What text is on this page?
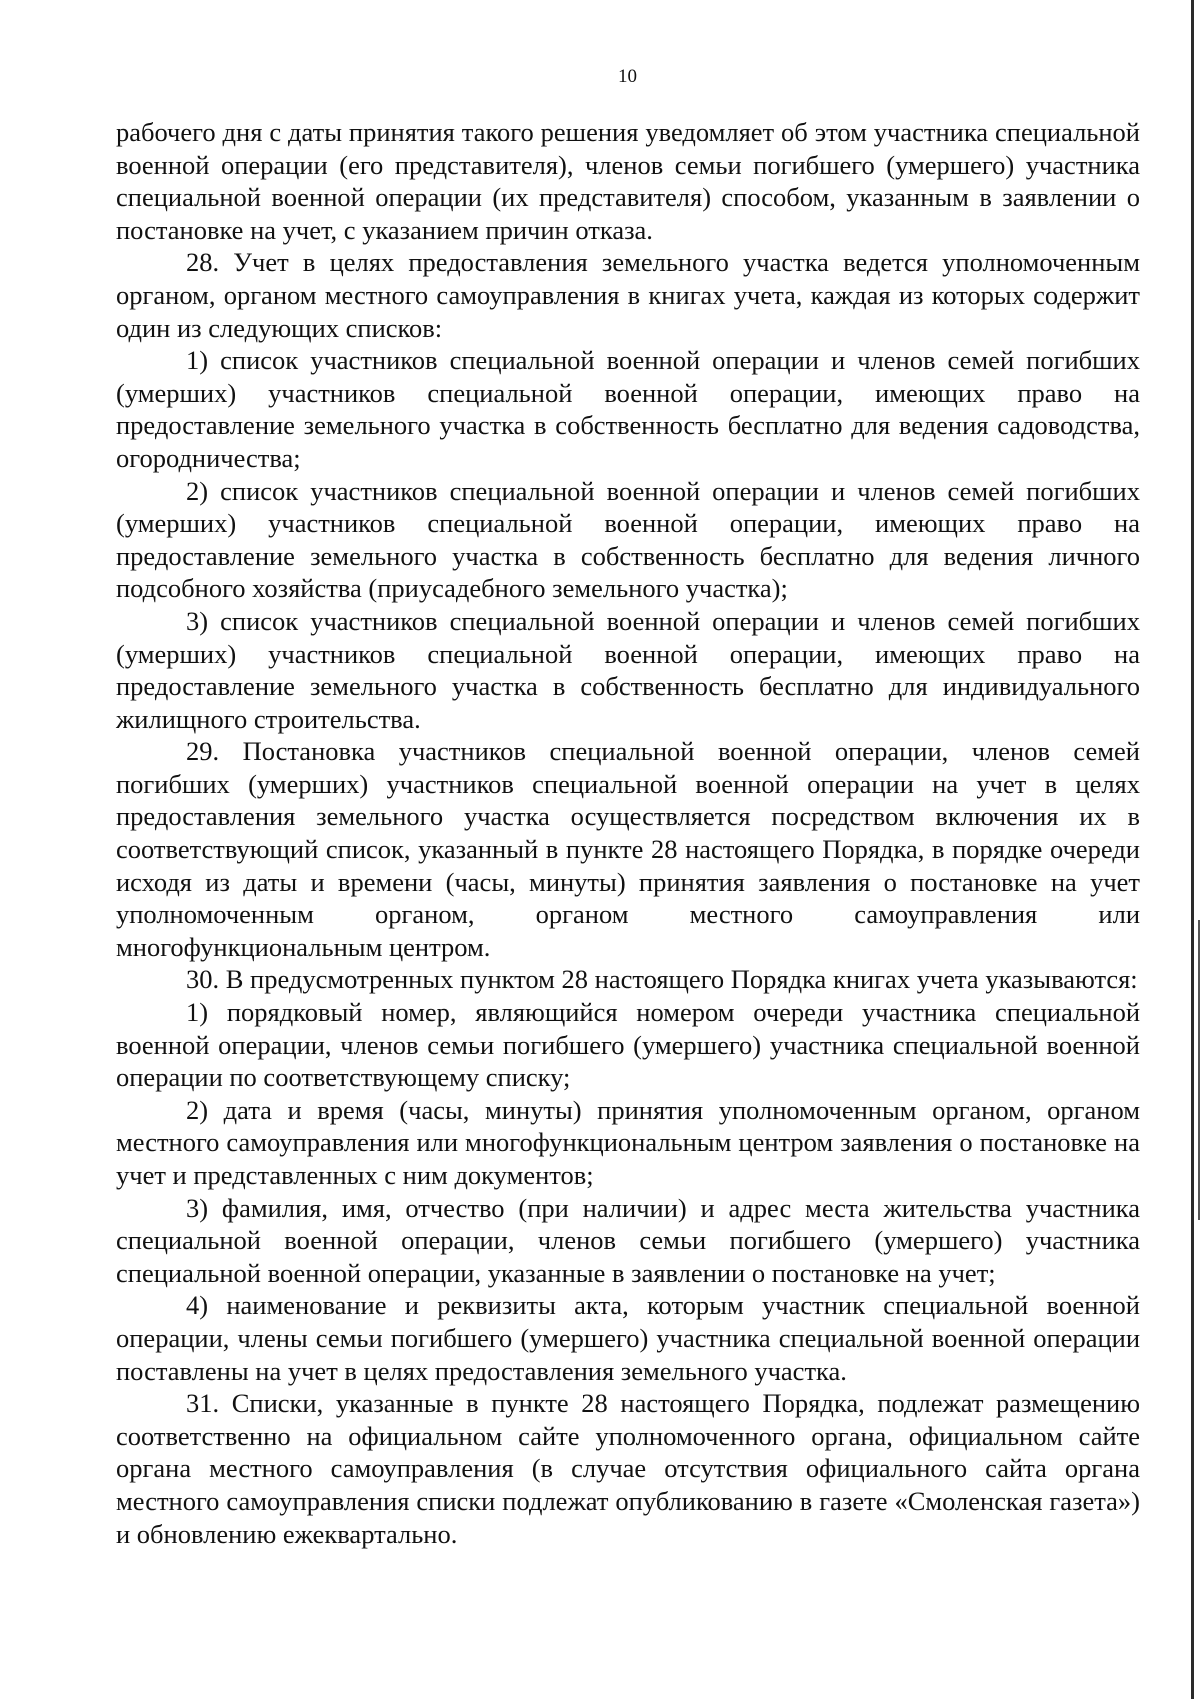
10

рабочего дня с даты принятия такого решения уведомляет об этом участника специальной военной операции (его представителя), членов семьи погибшего (умершего) участника специальной военной операции (их представителя) способом, указанным в заявлении о постановке на учет, с указанием причин отказа.

28. Учет в целях предоставления земельного участка ведется уполномоченным органом, органом местного самоуправления в книгах учета, каждая из которых содержит один из следующих списков:

1) список участников специальной военной операции и членов семей погибших (умерших) участников специальной военной операции, имеющих право на предоставление земельного участка в собственность бесплатно для ведения садоводства, огородничества;

2) список участников специальной военной операции и членов семей погибших (умерших) участников специальной военной операции, имеющих право на предоставление земельного участка в собственность бесплатно для ведения личного подсобного хозяйства (приусадебного земельного участка);

3) список участников специальной военной операции и членов семей погибших (умерших) участников специальной военной операции, имеющих право на предоставление земельного участка в собственность бесплатно для индивидуального жилищного строительства.

29. Постановка участников специальной военной операции, членов семей погибших (умерших) участников специальной военной операции на учет в целях предоставления земельного участка осуществляется посредством включения их в соответствующий список, указанный в пункте 28 настоящего Порядка, в порядке очереди исходя из даты и времени (часы, минуты) принятия заявления о постановке на учет уполномоченным органом, органом местного самоуправления или многофункциональным центром.

30. В предусмотренных пунктом 28 настоящего Порядка книгах учета указываются:

1) порядковый номер, являющийся номером очереди участника специальной военной операции, членов семьи погибшего (умершего) участника специальной военной операции по соответствующему списку;

2) дата и время (часы, минуты) принятия уполномоченным органом, органом местного самоуправления или многофункциональным центром заявления о постановке на учет и представленных с ним документов;

3) фамилия, имя, отчество (при наличии) и адрес места жительства участника специальной военной операции, членов семьи погибшего (умершего) участника специальной военной операции, указанные в заявлении о постановке на учет;

4) наименование и реквизиты акта, которым участник специальной военной операции, члены семьи погибшего (умершего) участника специальной военной операции поставлены на учет в целях предоставления земельного участка.

31. Списки, указанные в пункте 28 настоящего Порядка, подлежат размещению соответственно на официальном сайте уполномоченного органа, официальном сайте органа местного самоуправления (в случае отсутствия официального сайта органа местного самоуправления списки подлежат опубликованию в газете «Смоленская газета») и обновлению ежеквартально.
